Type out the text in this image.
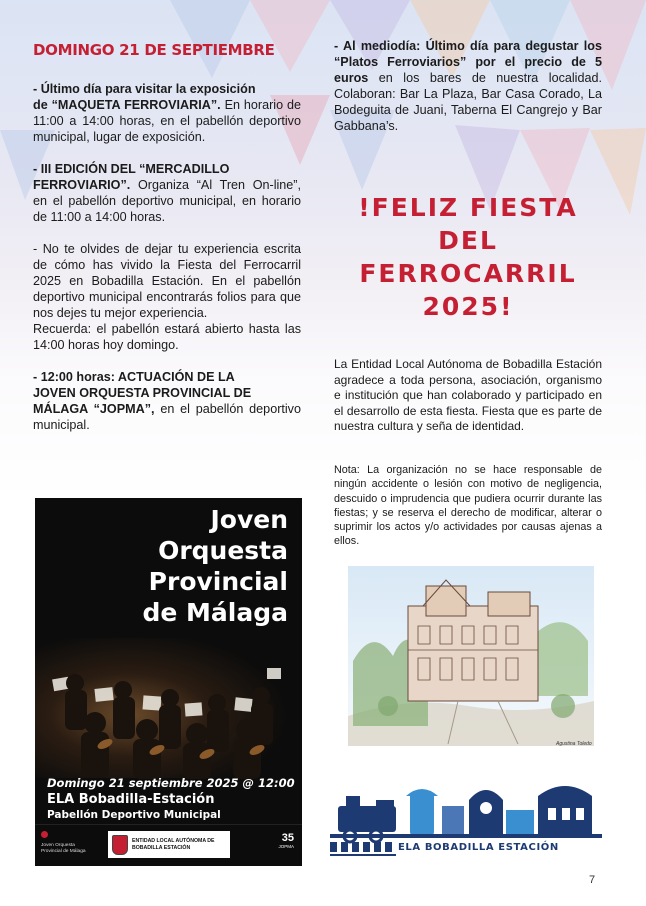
DOMINGO 21 DE SEPTIEMBRE

- Último día para visitar la exposición
de “MAQUETA FERROVIARIA”. En horario de 11:00 a 14:00 horas, en el pabellón deportivo municipal, lugar de exposición.

- III EDICIÓN DEL “MERCADILLO
FERROVIARIO”. Organiza “Al Tren On-line”, en el pabellón deportivo municipal, en horario de 11:00 a 14:00 horas.

- No te olvides de dejar tu experiencia escrita de cómo has vivido la Fiesta del Ferrocarril 2025 en Bobadilla Estación. En el pabellón deportivo municipal encontrarás folios para que nos dejes tu mejor experiencia.
Recuerda: el pabellón estará abierto hasta las 14:00 horas hoy domingo.

- 12:00 horas: ACTUACIÓN DE LA
JOVEN ORQUESTA PROVINCIAL DE
MÁLAGA “JOPMA”, en el pabellón deportivo municipal.

Joven
Orquesta
Provincial
de Málaga
Domingo 21 septiembre 2025 @ 12:00
ELA Bobadilla-Estación
Pabellón Deportivo Municipal

Joven Orquesta Provincial de Málaga
ENTIDAD LOCAL AUTÓNOMA DE BOBADILLA ESTACIÓN
35
JOPMA

- Al mediodía: Último día para degustar los “Platos Ferroviarios” por el precio de 5 euros en los bares de nuestra localidad. Colaboran: Bar La Plaza, Bar Casa Corado, La Bodeguita de Juani, Taberna El Cangrejo y Bar Gabbana’s.

!FELIZ FIESTA
DEL
FERROCARRIL
2025!

La Entidad Local Autónoma de Bobadilla Estación agradece a toda persona, asociación, organismo e institución que han colaborado y participado en el desarrollo de esta fiesta. Fiesta que es parte de nuestra cultura y seña de identidad.

Nota: La organización no se hace responsable de ningún accidente o lesión con motivo de negligencia, descuido o imprudencia que pudiera ocurrir durante las fiestas; y se reserva el derecho de modificar, alterar o suprimir los actos y/o actividades por causas ajenas a ellos.

Agustina Toledo
ELA BOBADILLA ESTACIÓN
7
